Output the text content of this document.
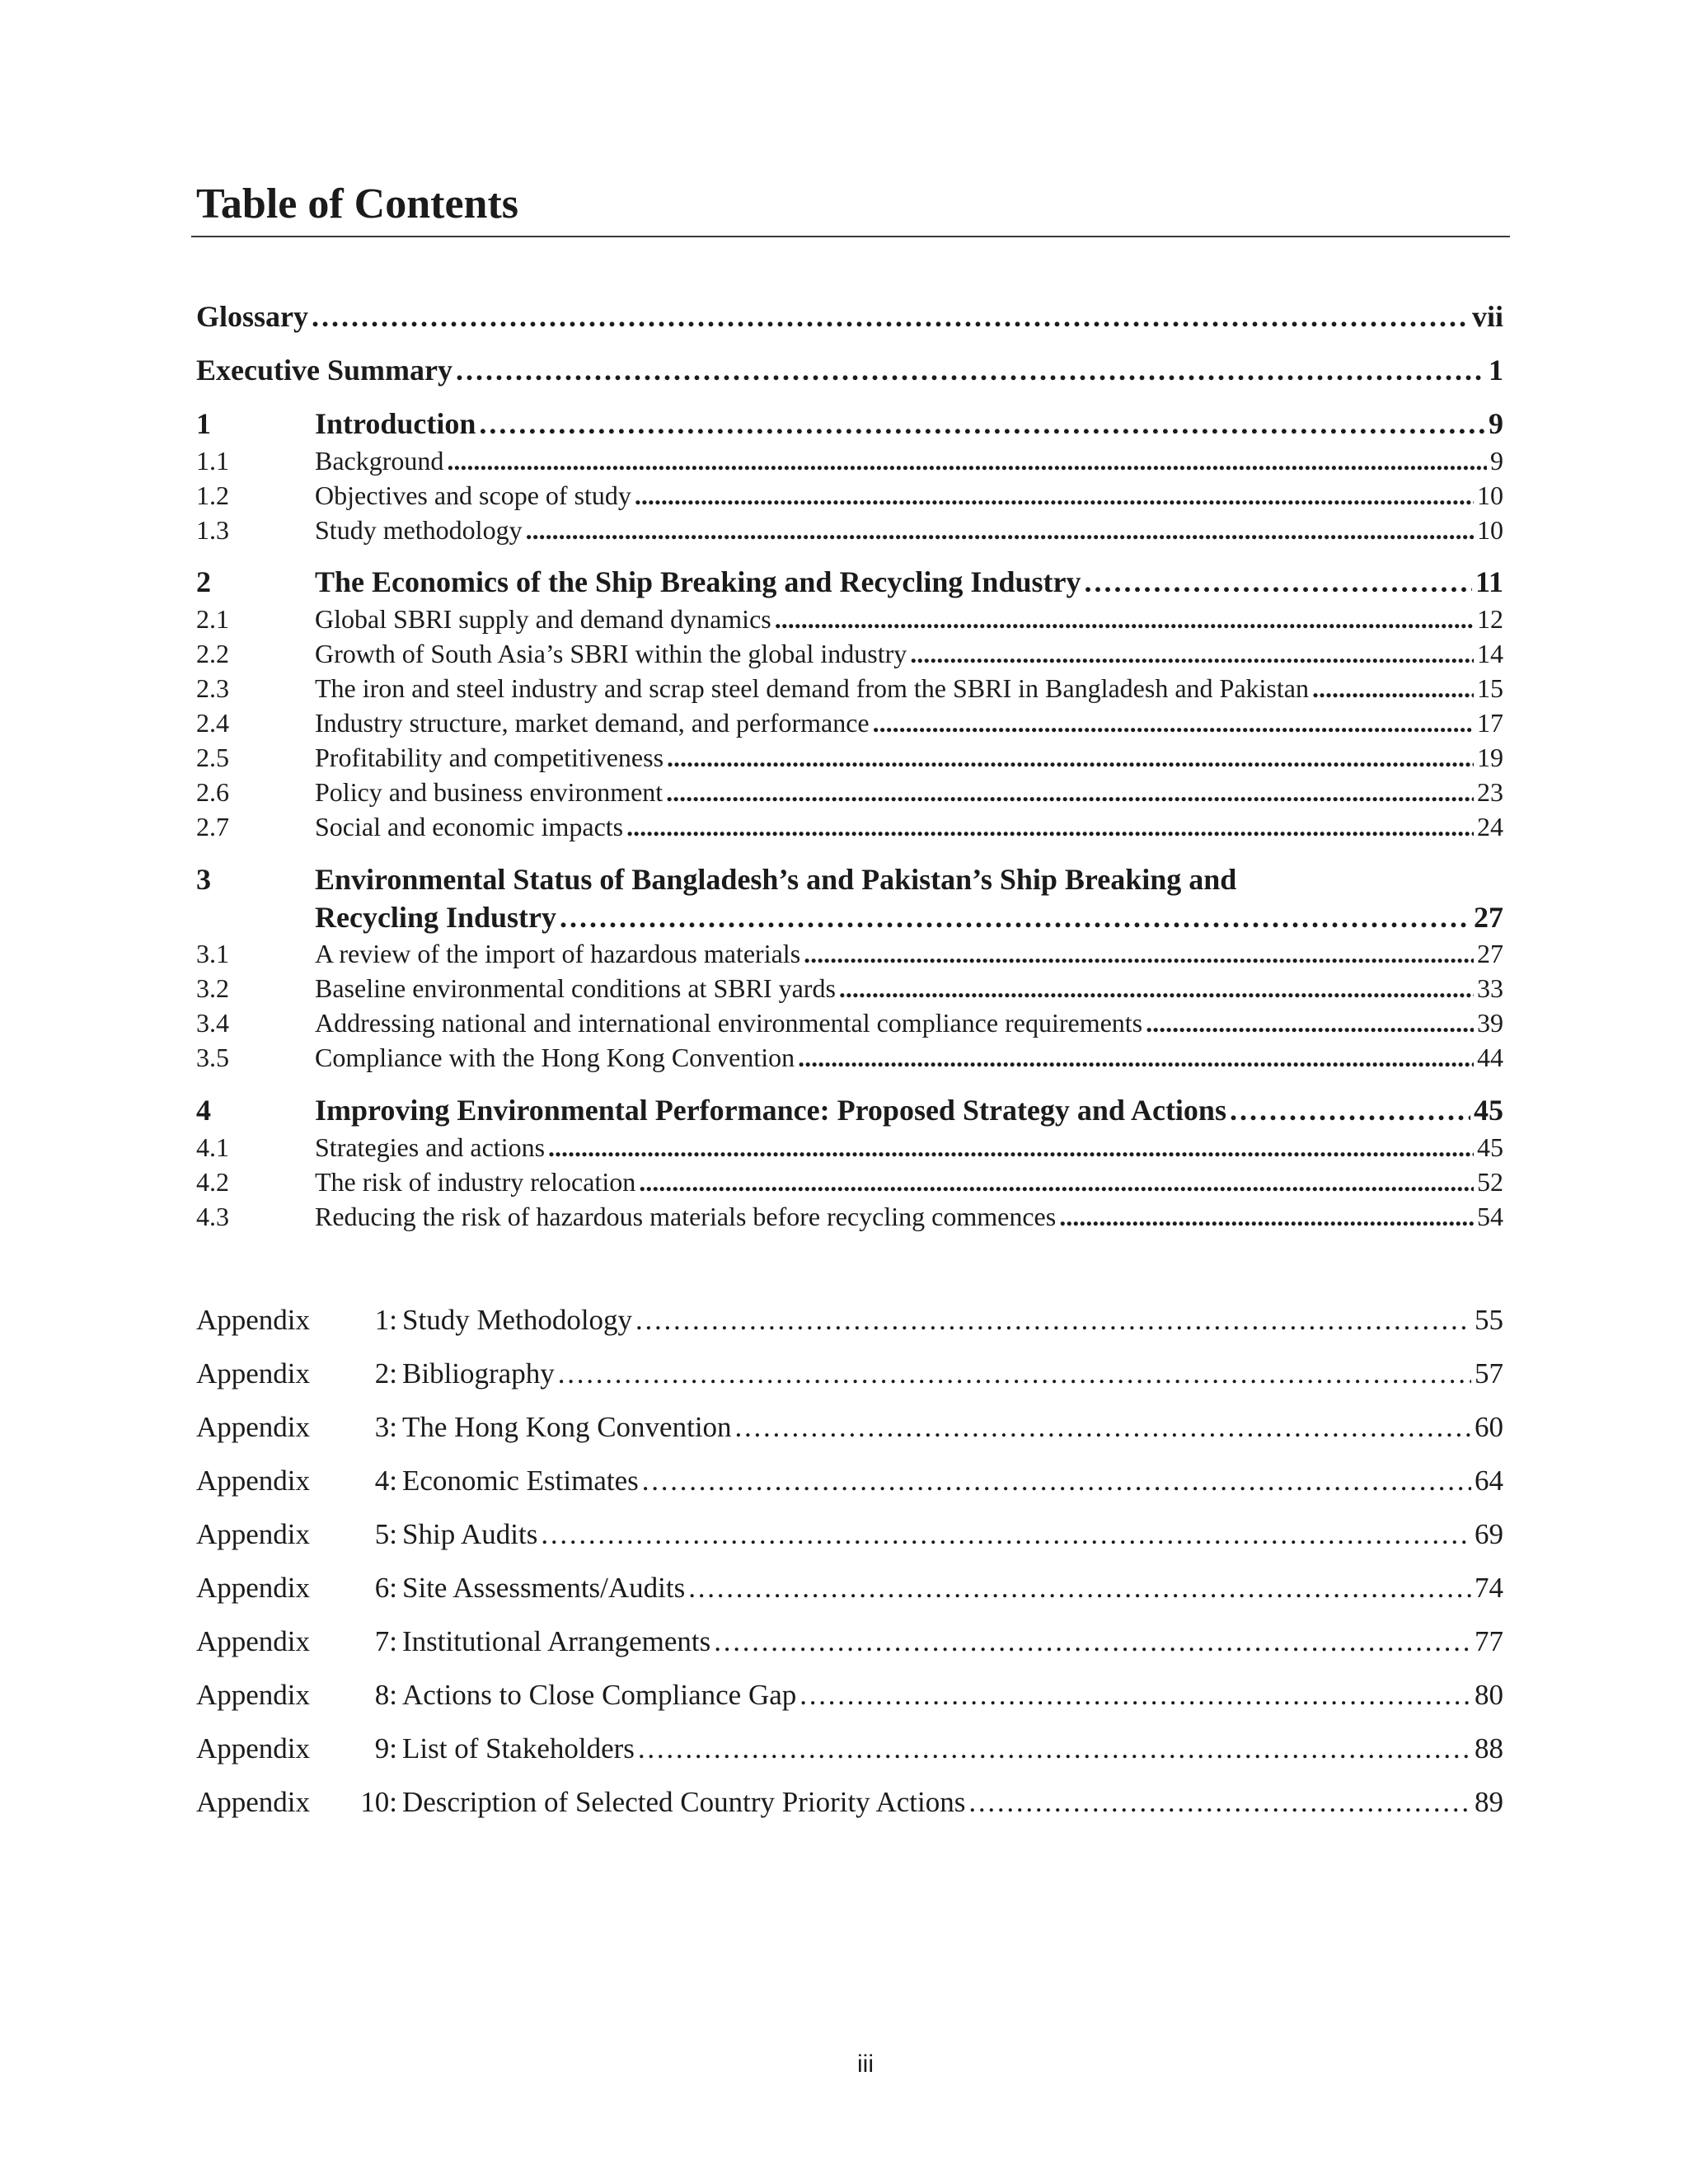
Table of Contents
Glossary . . .	vii
Executive Summary . . .	1
1	Introduction . . .	9
1.1	Background . . .	9
1.2	Objectives and scope of study . . .	10
1.3	Study methodology . . .	10
2	The Economics of the Ship Breaking and Recycling Industry . . .	11
2.1	Global SBRI supply and demand dynamics . . .	12
2.2	Growth of South Asia’s SBRI within the global industry . . .	14
2.3	The iron and steel industry and scrap steel demand from the SBRI in Bangladesh and Pakistan . . .	15
2.4	Industry structure, market demand, and performance . . .	17
2.5	Profitability and competitiveness . . .	19
2.6	Policy and business environment . . .	23
2.7	Social and economic impacts . . .	24
3	Environmental Status of Bangladesh’s and Pakistan’s Ship Breaking and
Recycling Industry . . .	27
3.1	A review of the import of hazardous materials . . .	27
3.2	Baseline environmental conditions at SBRI yards . . .	33
3.4	Addressing national and international environmental compliance requirements . . .	39
3.5	Compliance with the Hong Kong Convention . . .	44
4	Improving Environmental Performance: Proposed Strategy and Actions . . .	45
4.1	Strategies and actions . . .	45
4.2	The risk of industry relocation . . .	52
4.3	Reducing the risk of hazardous materials before recycling commences . . .	54
Appendix	1: Study Methodology . . .	55
Appendix	2: Bibliography . . .	57
Appendix	3: The Hong Kong Convention . . .	60
Appendix	4: Economic Estimates . . .	64
Appendix	5: Ship Audits . . .	69
Appendix	6: Site Assessments/Audits . . .	74
Appendix	7: Institutional Arrangements . . .	77
Appendix	8: Actions to Close Compliance Gap . . .	80
Appendix	9: List of Stakeholders . . .	88
Appendix	10: Description of Selected Country Priority Actions . . .	89
iii
